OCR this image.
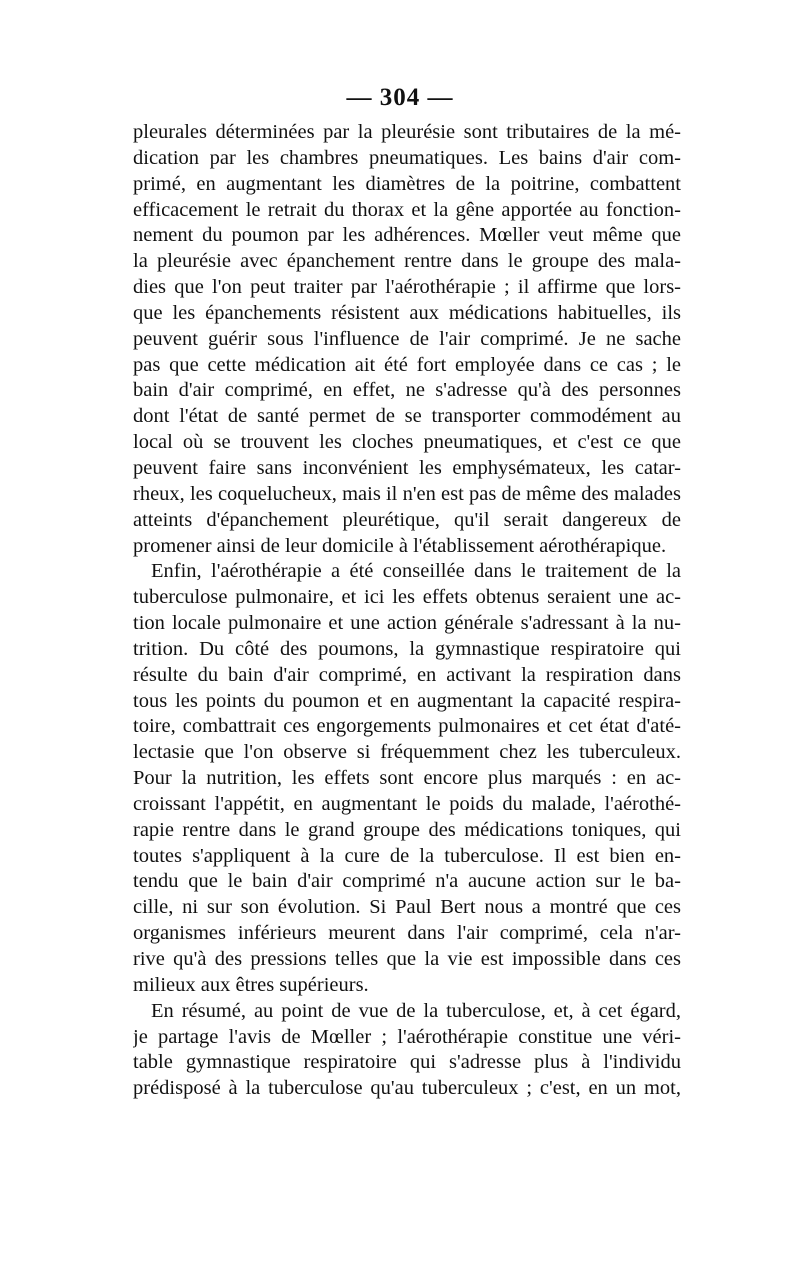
— 304 —
pleurales déterminées par la pleurésie sont tributaires de la mé-
dication par les chambres pneumatiques. Les bains d'air com-
primé, en augmentant les diamètres de la poitrine, combattent
efficacement le retrait du thorax et la gêne apportée au fonction-
nement du poumon par les adhérences. Mœller veut même que
la pleurésie avec épanchement rentre dans le groupe des mala-
dies que l'on peut traiter par l'aérothérapie ; il affirme que lors-
que les épanchements résistent aux médications habituelles, ils
peuvent guérir sous l'influence de l'air comprimé. Je ne sache
pas que cette médication ait été fort employée dans ce cas ; le
bain d'air comprimé, en effet, ne s'adresse qu'à des personnes
dont l'état de santé permet de se transporter commodément au
local où se trouvent les cloches pneumatiques, et c'est ce que
peuvent faire sans inconvénient les emphysémateux, les catar-
rheux, les coquelucheux, mais il n'en est pas de même des malades
atteints d'épanchement pleurétique, qu'il serait dangereux de
promener ainsi de leur domicile à l'établissement aérothérapique.
Enfin, l'aérothérapie a été conseillée dans le traitement de la
tuberculose pulmonaire, et ici les effets obtenus seraient une ac-
tion locale pulmonaire et une action générale s'adressant à la nu-
trition. Du côté des poumons, la gymnastique respiratoire qui
résulte du bain d'air comprimé, en activant la respiration dans
tous les points du poumon et en augmentant la capacité respira-
toire, combattrait ces engorgements pulmonaires et cet état d'até-
lectasie que l'on observe si fréquemment chez les tuberculeux.
Pour la nutrition, les effets sont encore plus marqués : en ac-
croissant l'appétit, en augmentant le poids du malade, l'aérothé-
rapie rentre dans le grand groupe des médications toniques, qui
toutes s'appliquent à la cure de la tuberculose. Il est bien en-
tendu que le bain d'air comprimé n'a aucune action sur le ba-
cille, ni sur son évolution. Si Paul Bert nous a montré que ces
organismes inférieurs meurent dans l'air comprimé, cela n'ar-
rive qu'à des pressions telles que la vie est impossible dans ces
milieux aux êtres supérieurs.
En résumé, au point de vue de la tuberculose, et, à cet égard,
je partage l'avis de Mœller ; l'aérothérapie constitue une véri-
table gymnastique respiratoire qui s'adresse plus à l'individu
prédisposé à la tuberculose qu'au tuberculeux ; c'est, en un mot,
